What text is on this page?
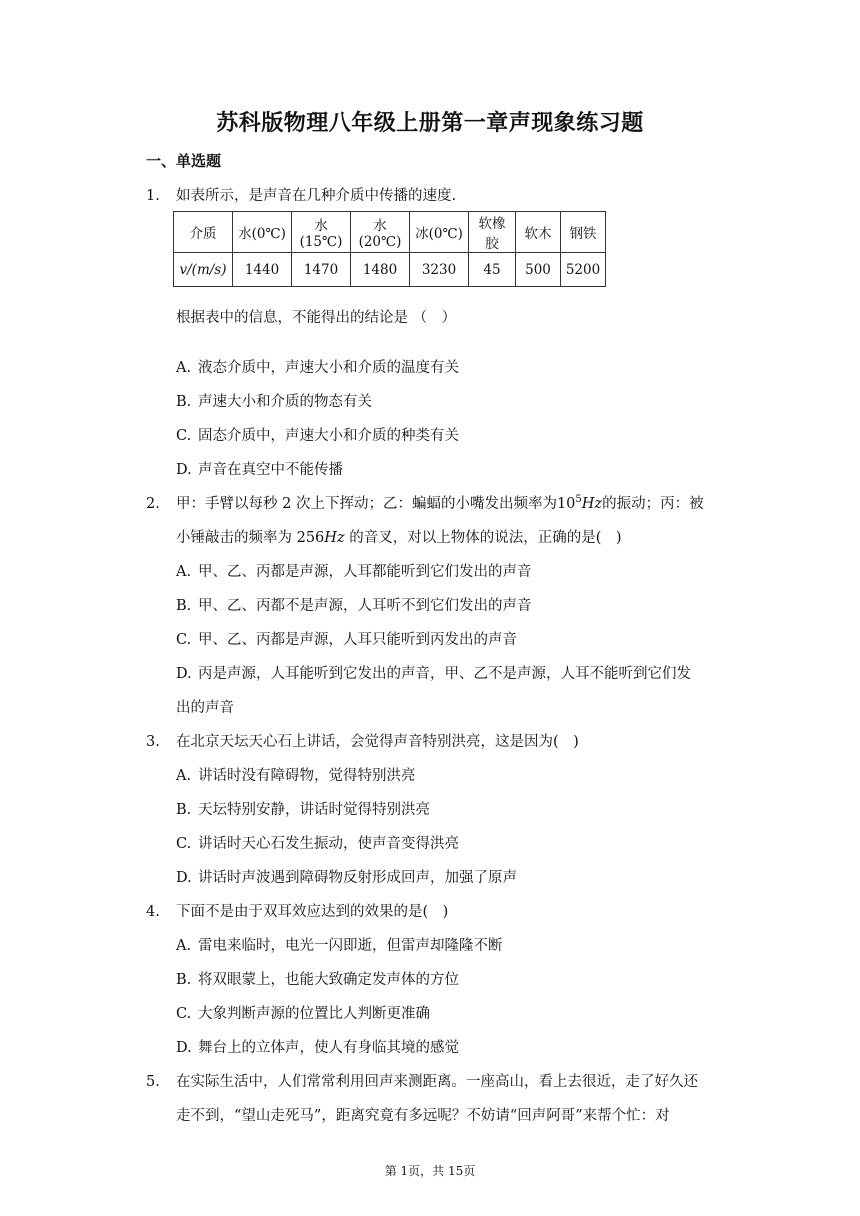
苏科版物理八年级上册第一章声现象练习题
一、单选题
1. 如表所示，是声音在几种介质中传播的速度.
介质	水(0℃)	水(15℃)	水(20℃)	冰(0℃)	软橡胶	软木	钢铁
v/(m/s)	1440	1470	1480	3230	45	500	5200
根据表中的信息，不能得出的结论是 （　）
A. 液态介质中，声速大小和介质的温度有关
B. 声速大小和介质的物态有关
C. 固态介质中，声速大小和介质的种类有关
D. 声音在真空中不能传播
2. 甲：手臂以每秒 2 次上下挥动；乙：蝙蝠的小嘴发出频率为$10^5Hz$的振动；丙：被
小锤敲击的频率为 256Hz 的音叉，对以上物体的说法，正确的是(　)
A. 甲、乙、丙都是声源，人耳都能听到它们发出的声音
B. 甲、乙、丙都不是声源，人耳听不到它们发出的声音
C. 甲、乙、丙都是声源，人耳只能听到丙发出的声音
D. 丙是声源，人耳能听到它发出的声音，甲、乙不是声源，人耳不能听到它们发
出的声音
3. 在北京天坛天心石上讲话，会觉得声音特别洪亮，这是因为(　)
A. 讲话时没有障碍物，觉得特别洪亮
B. 天坛特别安静，讲话时觉得特别洪亮
C. 讲话时天心石发生振动，使声音变得洪亮
D. 讲话时声波遇到障碍物反射形成回声，加强了原声
4. 下面不是由于双耳效应达到的效果的是(　)
A. 雷电来临时，电光一闪即逝，但雷声却隆隆不断
B. 将双眼蒙上，也能大致确定发声体的方位
C. 大象判断声源的位置比人判断更准确
D. 舞台上的立体声，使人有身临其境的感觉
5. 在实际生活中，人们常常利用回声来测距离。一座高山，看上去很近，走了好久还
走不到，“望山走死马”，距离究竟有多远呢？不妨请“回声阿哥”来帮个忙：对
第 1页，共 15页
